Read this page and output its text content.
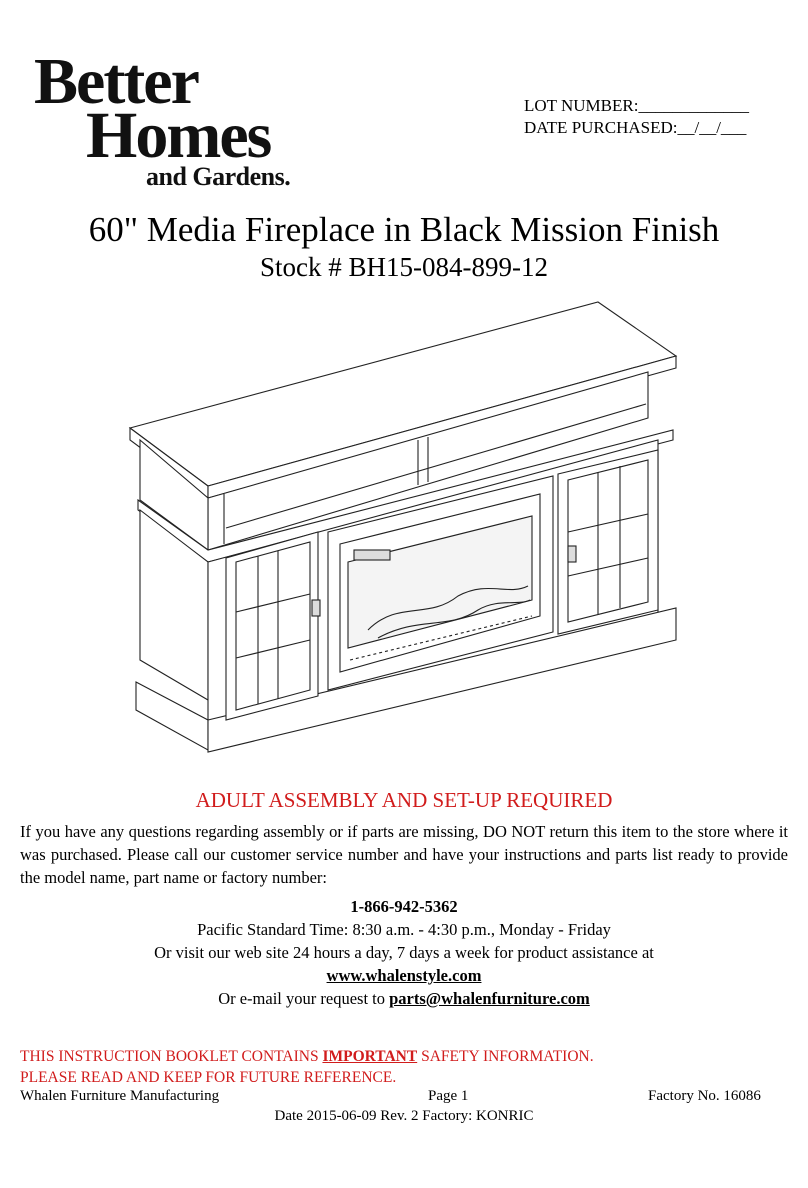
Better
Homes
and Gardens.
LOT NUMBER:_____________
DATE PURCHASED:__/__/___
60" Media Fireplace in Black Mission Finish
Stock # BH15-084-899-12
ADULT ASSEMBLY AND SET-UP REQUIRED
If you have any questions regarding assembly or if parts are missing, DO NOT return this item to the store where it was purchased. Please call our customer service number and have your instructions and parts list ready to provide the model name, part name or factory number:
1-866-942-5362
Pacific Standard Time: 8:30 a.m. - 4:30 p.m., Monday - Friday
Or visit our web site 24 hours a day, 7 days a week for product assistance at
www.whalenstyle.com
Or e-mail your request to parts@whalenfurniture.com
THIS INSTRUCTION BOOKLET CONTAINS IMPORTANT SAFETY INFORMATION.
PLEASE READ AND KEEP FOR FUTURE REFERENCE.
Whalen Furniture Manufacturing	Page 1	Factory No. 16086
Date 2015-06-09 Rev. 2 Factory: KONRIC
